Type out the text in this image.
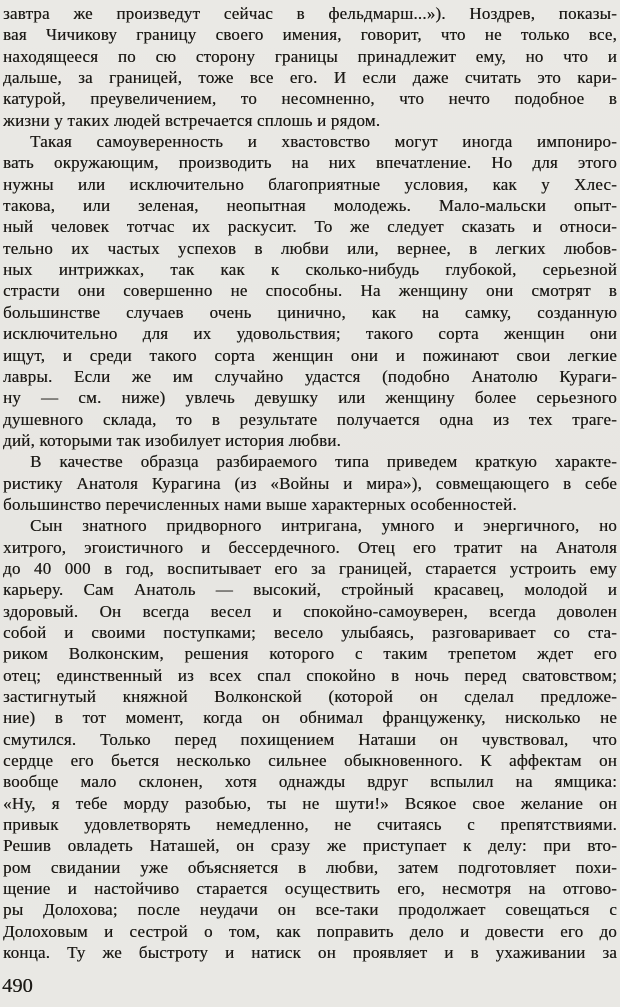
завтра же произведут сейчас в фельдмарш...»). Ноздрев, показы-
вая Чичикову границу своего имения, говорит, что не только все,
находящееся по сю сторону границы принадлежит ему, но что и
дальше, за границей, тоже все его. И если даже считать это кари-
катурой, преувеличением, то несомненно, что нечто подобное в
жизни у таких людей встречается сплошь и рядом.
Такая самоуверенность и хвастовство могут иногда импониро-
вать окружающим, производить на них впечатление. Но для этого
нужны или исключительно благоприятные условия, как у Хлес-
такова, или зеленая, неопытная молодежь. Мало-мальски опыт-
ный человек тотчас их раскусит. То же следует сказать и относи-
тельно их частых успехов в любви или, вернее, в легких любов-
ных интрижках, так как к сколько-нибудь глубокой, серьезной
страсти они совершенно не способны. На женщину они смотрят в
большинстве случаев очень цинично, как на самку, созданную
исключительно для их удовольствия; такого сорта женщин они
ищут, и среди такого сорта женщин они и пожинают свои легкие
лавры. Если же им случайно удастся (подобно Анатолю Кураги-
ну — см. ниже) увлечь девушку или женщину более серьезного
душевного склада, то в результате получается одна из тех траге-
дий, которыми так изобилует история любви.
В качестве образца разбираемого типа приведем краткую характе-
ристику Анатоля Курагина (из «Войны и мира»), совмещающего в себе
большинство перечисленных нами выше характерных особенностей.
Сын знатного придворного интригана, умного и энергичного, но
хитрого, эгоистичного и бессердечного. Отец его тратит на Анатоля
до 40 000 в год, воспитывает его за границей, старается устроить ему
карьеру. Сам Анатоль — высокий, стройный красавец, молодой и
здоровый. Он всегда весел и спокойно-самоуверен, всегда доволен
собой и своими поступками; весело улыбаясь, разговаривает со ста-
риком Волконским, решения которого с таким трепетом ждет его
отец; единственный из всех спал спокойно в ночь перед сватовством;
застигнутый княжной Волконской (которой он сделал предложе-
ние) в тот момент, когда он обнимал француженку, нисколько не
смутился. Только перед похищением Наташи он чувствовал, что
сердце его бьется несколько сильнее обыкновенного. К аффектам он
вообще мало склонен, хотя однажды вдруг вспылил на ямщика:
«Ну, я тебе морду разобью, ты не шути!» Всякое свое желание он
привык удовлетворять немедленно, не считаясь с препятствиями.
Решив овладеть Наташей, он сразу же приступает к делу: при вто-
ром свидании уже объясняется в любви, затем подготовляет похи-
щение и настойчиво старается осуществить его, несмотря на отгово-
ры Долохова; после неудачи он все-таки продолжает совещаться с
Долоховым и сестрой о том, как поправить дело и довести его до
конца. Ту же быстроту и натиск он проявляет и в ухаживании за
490
